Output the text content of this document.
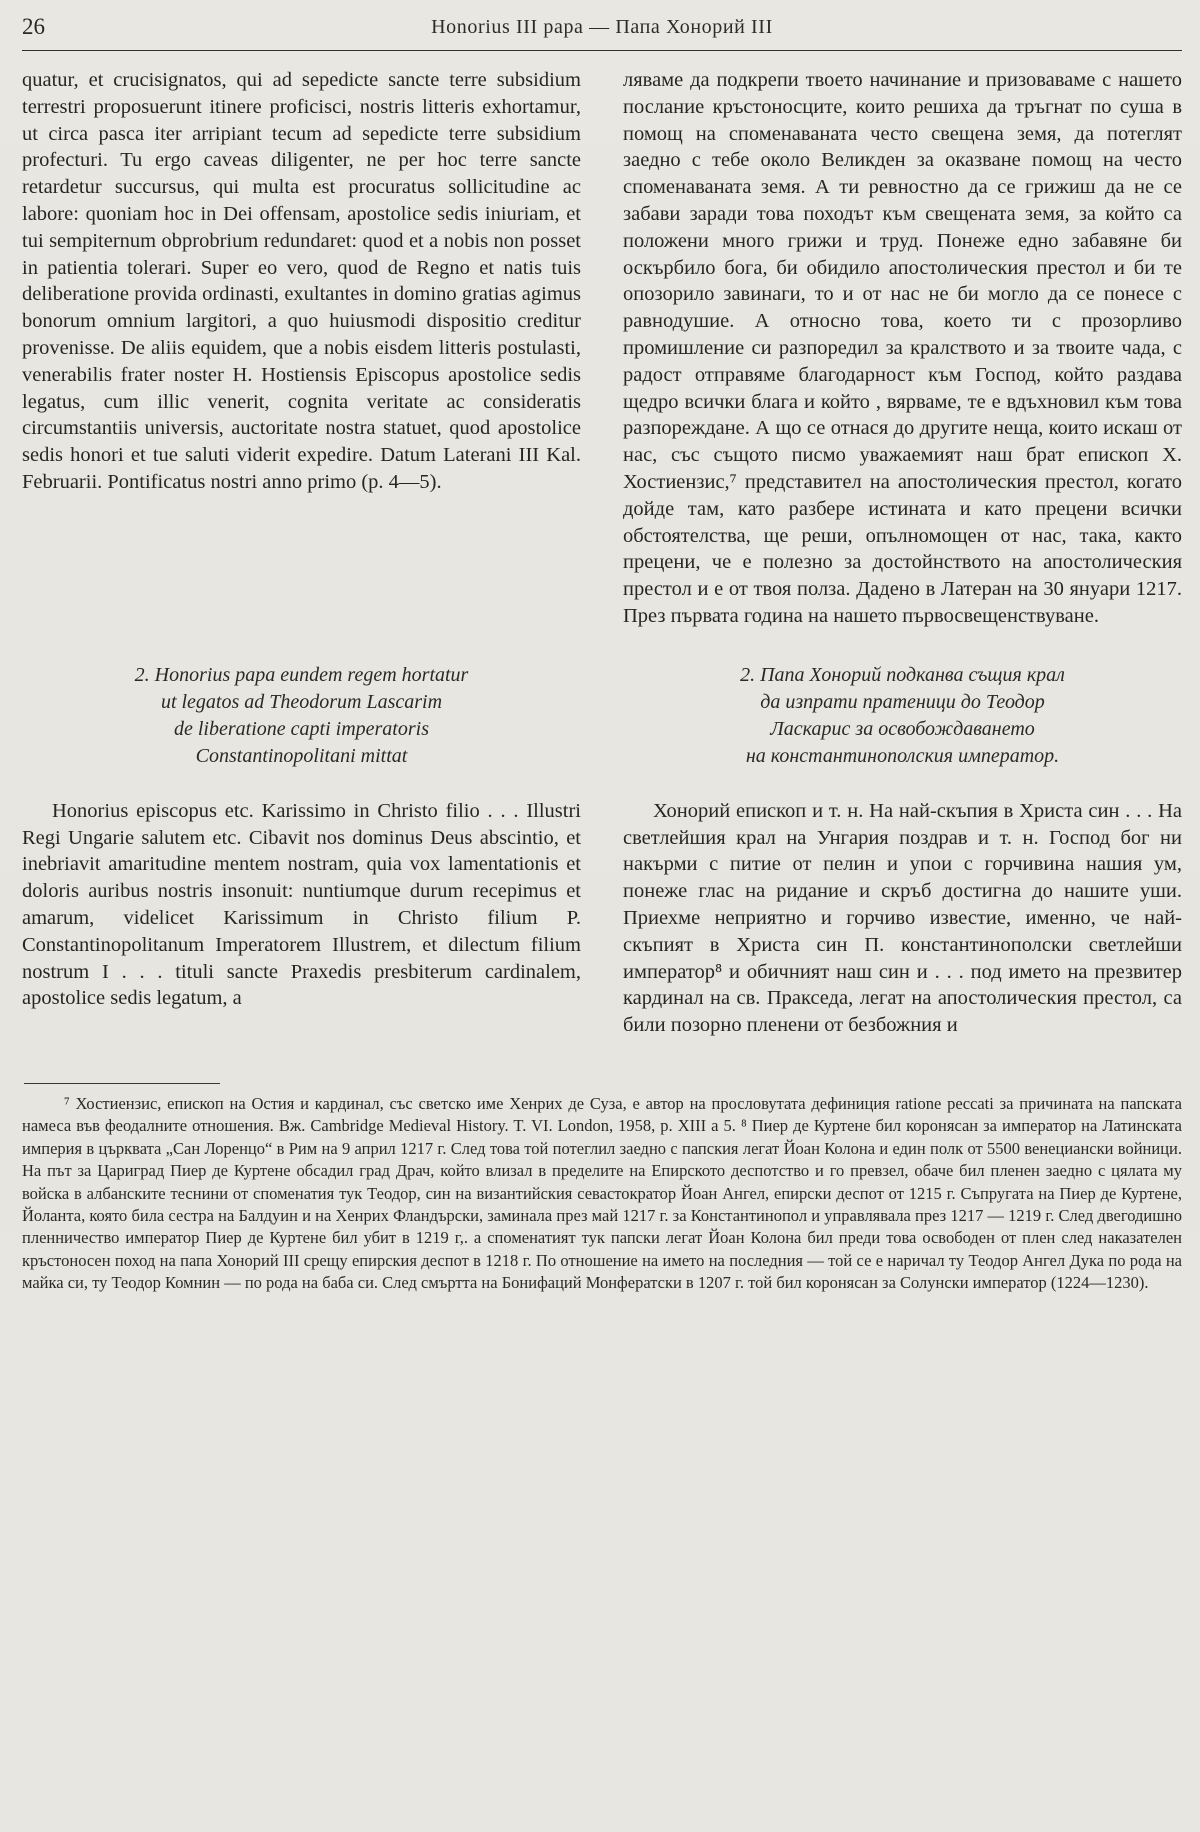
26	Honorius III papa — Папа Хонорий III

quatur, et crucisignatos, qui ad sepedicte sancte terre subsidium terrestri proposuerunt itinere proficisci, nostris litteris exhortamur, ut circa pasca iter arripiant tecum ad sepedicte terre subsidium profecturi. Tu ergo caveas diligenter, ne per hoc terre sancte retardetur succursus, qui multa est procuratus sollicitudine ac labore: quoniam hoc in Dei offensam, apostolice sedis iniuriam, et tui sempiternum obprobrium redundaret: quod et a nobis non posset in patientia tolerari. Super eo vero, quod de Regno et natis tuis deliberatione provida ordinasti, exultantes in domino gratias agimus bonorum omnium largitori, a quo huiusmodi dispositio creditur provenisse. De aliis equidem, que a nobis eisdem litteris postulasti, venerabilis frater noster H. Hostiensis Episcopus apostolice sedis legatus, cum illic venerit, cognita veritate ac consideratis circumstantiis universis, auctoritate nostra statuet, quod apostolice sedis honori et tue saluti viderit expedire. Datum Laterani III Kal. Februarii. Pontificatus nostri anno primo (p. 4—5).

ляваме да подкрепи твоето начинание и призоваваме с нашето послание кръстоносците, които решиха да тръгнат по суша в помощ на споменаваната често свещена земя, да потеглят заедно с тебе около Великден за оказване помощ на често споменаваната земя. А ти ревностно да се грижиш да не се забави заради това походът към свещената земя, за който са положени много грижи и труд. Понеже едно забавяне би оскърбило бога, би обидило апостолическия престол и би те опозорило завинаги, то и от нас не би могло да се понесе с равнодушие. А относно това, което ти с прозорливо промишление си разпоредил за кралството и за твоите чада, с радост отправяме благодарност към Господ, който раздава щедро всички блага и който , вярваме, те е вдъхновил към това разпореждане. А що се отнася до другите неща, които искаш от нас, със същото писмо уважаемият наш брат епископ X. Хостиензис,⁷ представител на апостолическия престол, когато дойде там, като разбере истината и като прецени всички обстоятелства, ще реши, опълномощен от нас, така, както прецени, че е полезно за достойнството на апостолическия престол и е от твоя полза. Дадено в Латеран на 30 януари 1217. През първата година на нашето първосвещенствуване.

2. Honorius papa eundem regem hortatur
ut legatos ad Theodorum Lascarim
de liberatione capti imperatoris
Constantinopolitani mittat
2. Папа Хонорий подканва същия крал
да изпрати пратеници до Теодор
Ласкарис за освобождаването
на константинополския император.

Honorius episcopus etc. Karissimo in Christo filio . . . Illustri Regi Ungarie salutem etc. Cibavit nos dominus Deus abscintio, et inebriavit amaritudine mentem nostram, quia vox lamentationis et doloris auribus nostris insonuit: nuntiumque durum recepimus et amarum, videlicet Karissimum in Christo filium P. Constantinopolitanum Imperatorem Illustrem, et dilectum filium nostrum I . . . tituli sancte Praxedis presbiterum cardinalem, apostolice sedis legatum, a

Хонорий епископ и т. н. На най-скъпия в Христа син . . . На светлейшия крал на Унгария поздрав и т. н. Господ бог ни накърми с питие от пелин и упои с горчивина нашия ум, понеже глас на ридание и скръб достигна до нашите уши. Приехме неприятно и горчиво известие, именно, че най-скъпият в Христа син П. константинополски светлейши император⁸ и обичният наш син и . . . под името на презвитер кардинал на св. Пракседа, легат на апостолическия престол, са били позорно пленени от безбожния и

⁷ Хостиензис, епископ на Остия и кардинал, със светско име Хенрих де Суза, е автор на прословутата дефиниция ratione peccati за причината на папската намеса във феодалните отношения. Вж. Cambridge Medieval History. T. VI. London, 1958, p. XIII а 5. ⁸ Пиер де Куртене бил коронясан за император на Латинската империя в църквата „Сан Лоренцо“ в Рим на 9 април 1217 г. След това той потеглил заедно с папския легат Йоан Колона и един полк от 5500 венециански войници. На път за Цариград Пиер де Куртене обсадил град Драч, който влизал в пределите на Епирското деспотство и го превзел, обаче бил пленен заедно с цялата му войска в албанските теснини от споменатия тук Теодор, син на византийския севастократор Йоан Ангел, епирски деспот от 1215 г. Съпругата на Пиер де Куртене, Йоланта, която била сестра на Балдуин и на Хенрих Фландърски, заминала през май 1217 г. за Константинопол и управлявала през 1217 — 1219 г. След двегодишно пленничество император Пиер де Куртене бил убит в 1219 г,. а споменатият тук папски легат Йоан Колона бил преди това освободен от плен след наказателен кръстоносен поход на папа Хонорий III срещу епирския деспот в 1218 г. По отношение на името на последния — той се е наричал ту Теодор Ангел Дука по рода на майка си, ту Теодор Комнин — по рода на баба си. След смъртта на Бонифаций Монфератски в 1207 г. той бил коронясан за Солунски император (1224—1230).
